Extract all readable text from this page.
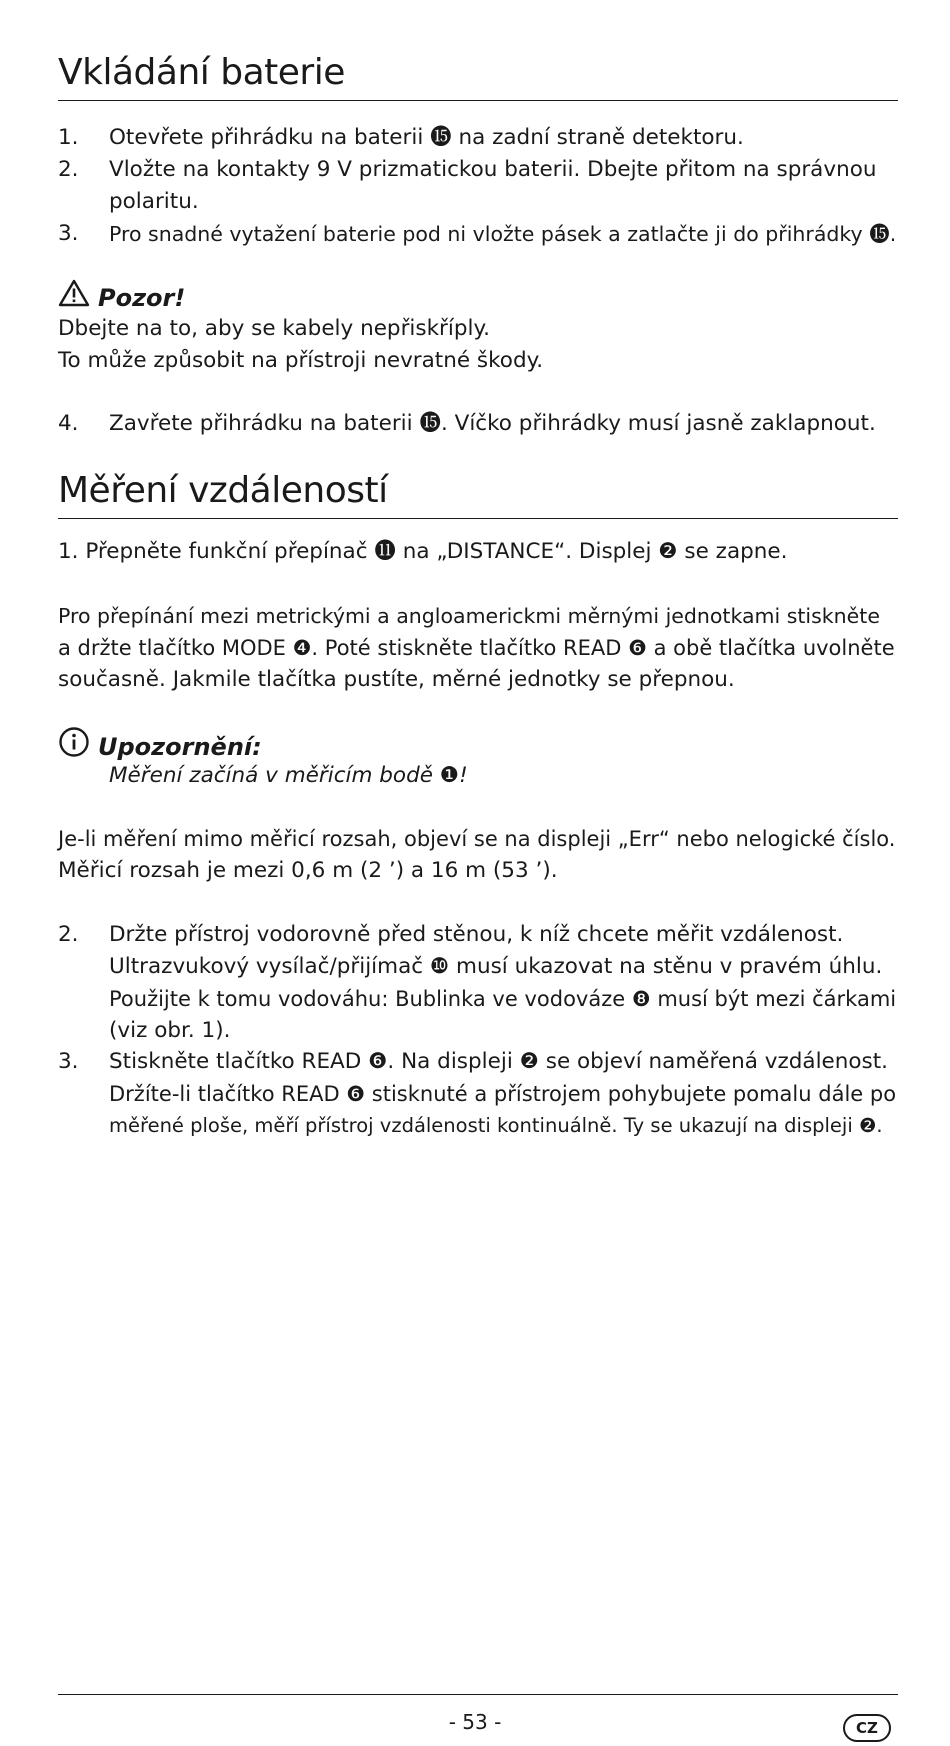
Vkládání baterie
1. Otevřete přihrádku na baterii ⓯ na zadní straně detektoru.
2. Vložte na kontakty 9 V prizmatickou baterii. Dbejte přitom na správnou
polaritu.
3. Pro snadné vytažení baterie pod ni vložte pásek a zatlačte ji do přihrádky ⓯.
Pozor!
Dbejte na to, aby se kabely nepřiskříply.
To může způsobit na přístroji nevratné škody.
4. Zavřete přihrádku na baterii ⓯. Víčko přihrádky musí jasně zaklapnout.
Měření vzdáleností
1. Přepněte funkční přepínač ⓫ na „DISTANCE“. Displej ❷ se zapne.
Pro přepínání mezi metrickými a angloamerickmi měrnými jednotkami stiskněte
a držte tlačítko MODE ❹. Poté stiskněte tlačítko READ ❻ a obě tlačítka uvolněte
současně. Jakmile tlačítka pustíte, měrné jednotky se přepnou.
Upozornění:
Měření začíná v měřicím bodě ❶!
Je-li měření mimo měřicí rozsah, objeví se na displeji „Err“ nebo nelogické číslo.
Měřicí rozsah je mezi 0,6 m (2 ’) a 16 m (53 ’).
2. Držte přístroj vodorovně před stěnou, k níž chcete měřit vzdálenost.
Ultrazvukový vysílač/přijímač ❿ musí ukazovat na stěnu v pravém úhlu.
Použijte k tomu vodováhu: Bublinka ve vodováze ❽ musí být mezi čárkami
(viz obr. 1).
3. Stiskněte tlačítko READ ❻. Na displeji ❷ se objeví naměřená vzdálenost.
Držíte-li tlačítko READ ❻ stisknuté a přístrojem pohybujete pomalu dále po
měřené ploše, měří přístroj vzdálenosti kontinuálně. Ty se ukazují na displeji ❷.
- 53 -	CZ
